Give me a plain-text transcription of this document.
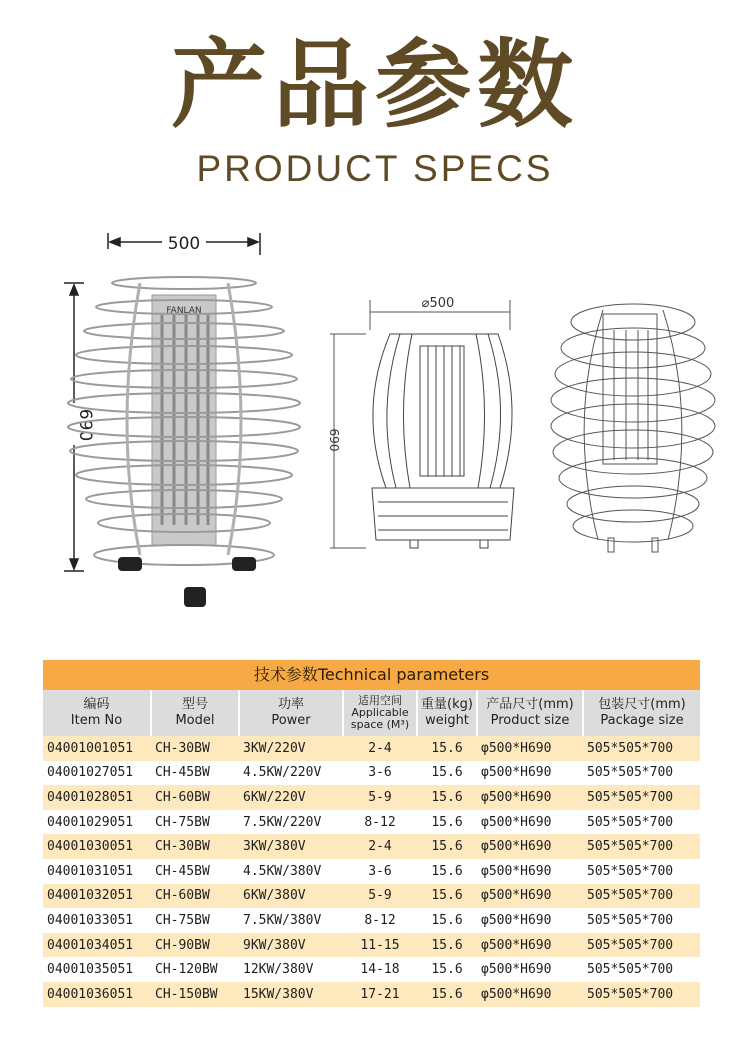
产品参数
PRODUCT SPECS
500
690
FANLAN	⌀500
690
技术参数Technical parameters
编码
Item No	型号
Model	功率
Power	适用空间
Applicable space (M³)	重量(kg)
weight	产品尺寸(mm)
Product size	包装尺寸(mm)
Package size
04001001051	CH-30BW	3KW/220V	2-4	15.6	φ500*H690	505*505*700
04001027051	CH-45BW	4.5KW/220V	3-6	15.6	φ500*H690	505*505*700
04001028051	CH-60BW	6KW/220V	5-9	15.6	φ500*H690	505*505*700
04001029051	CH-75BW	7.5KW/220V	8-12	15.6	φ500*H690	505*505*700
04001030051	CH-30BW	3KW/380V	2-4	15.6	φ500*H690	505*505*700
04001031051	CH-45BW	4.5KW/380V	3-6	15.6	φ500*H690	505*505*700
04001032051	CH-60BW	6KW/380V	5-9	15.6	φ500*H690	505*505*700
04001033051	CH-75BW	7.5KW/380V	8-12	15.6	φ500*H690	505*505*700
04001034051	CH-90BW	9KW/380V	11-15	15.6	φ500*H690	505*505*700
04001035051	CH-120BW	12KW/380V	14-18	15.6	φ500*H690	505*505*700
04001036051	CH-150BW	15KW/380V	17-21	15.6	φ500*H690	505*505*700
